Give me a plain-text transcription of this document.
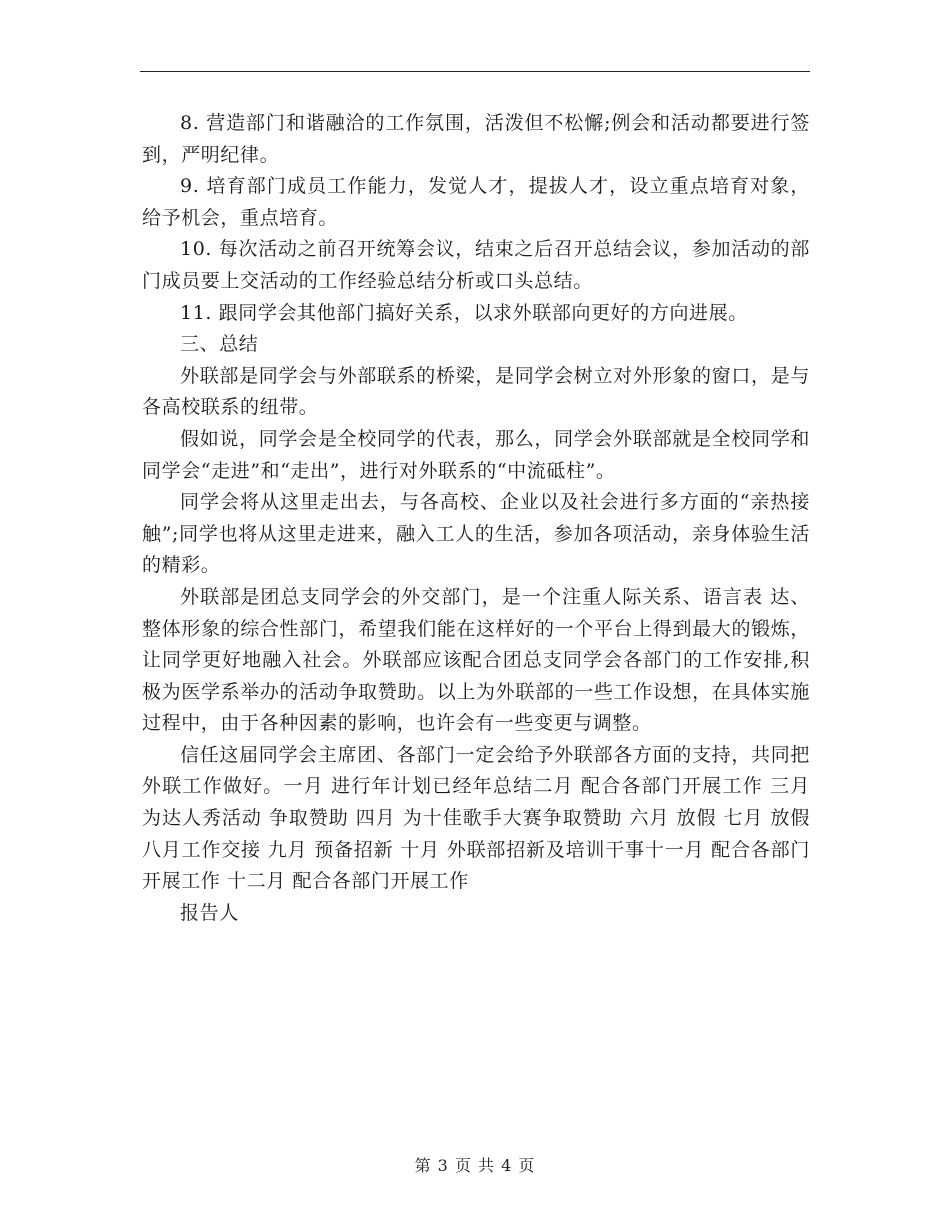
8. 营造部门和谐融洽的工作氛围，活泼但不松懈;例会和活动都要进行签到，严明纪律。

9. 培育部门成员工作能力，发觉人才，提拔人才，设立重点培育对象，给予机会，重点培育。

10. 每次活动之前召开统筹会议，结束之后召开总结会议，参加活动的部门成员要上交活动的工作经验总结分析或口头总结。

11. 跟同学会其他部门搞好关系，以求外联部向更好的方向进展。

三、总结

外联部是同学会与外部联系的桥梁，是同学会树立对外形象的窗口，是与各高校联系的纽带。

假如说，同学会是全校同学的代表，那么，同学会外联部就是全校同学和同学会“走进”和“走出”，进行对外联系的“中流砥柱”。

同学会将从这里走出去，与各高校、企业以及社会进行多方面的“亲热接触”;同学也将从这里走进来，融入工人的生活，参加各项活动，亲身体验生活的精彩。

外联部是团总支同学会的外交部门，是一个注重人际关系、语言表 达、整体形象的综合性部门，希望我们能在这样好的一个平台上得到最大的锻炼，让同学更好地融入社会。外联部应该配合团总支同学会各部门的工作安排,积极为医学系举办的活动争取赞助。以上为外联部的一些工作设想，在具体实施过程中，由于各种因素的影响，也许会有一些变更与调整。

信任这届同学会主席团、各部门一定会给予外联部各方面的支持，共同把外联工作做好。一月 进行年计划已经年总结二月 配合各部门开展工作 三月 为达人秀活动 争取赞助 四月 为十佳歌手大赛争取赞助 六月 放假 七月 放假 八月工作交接 九月 预备招新 十月 外联部招新及培训干事十一月 配合各部门开展工作 十二月 配合各部门开展工作

报告人

第 3 页 共 4 页
